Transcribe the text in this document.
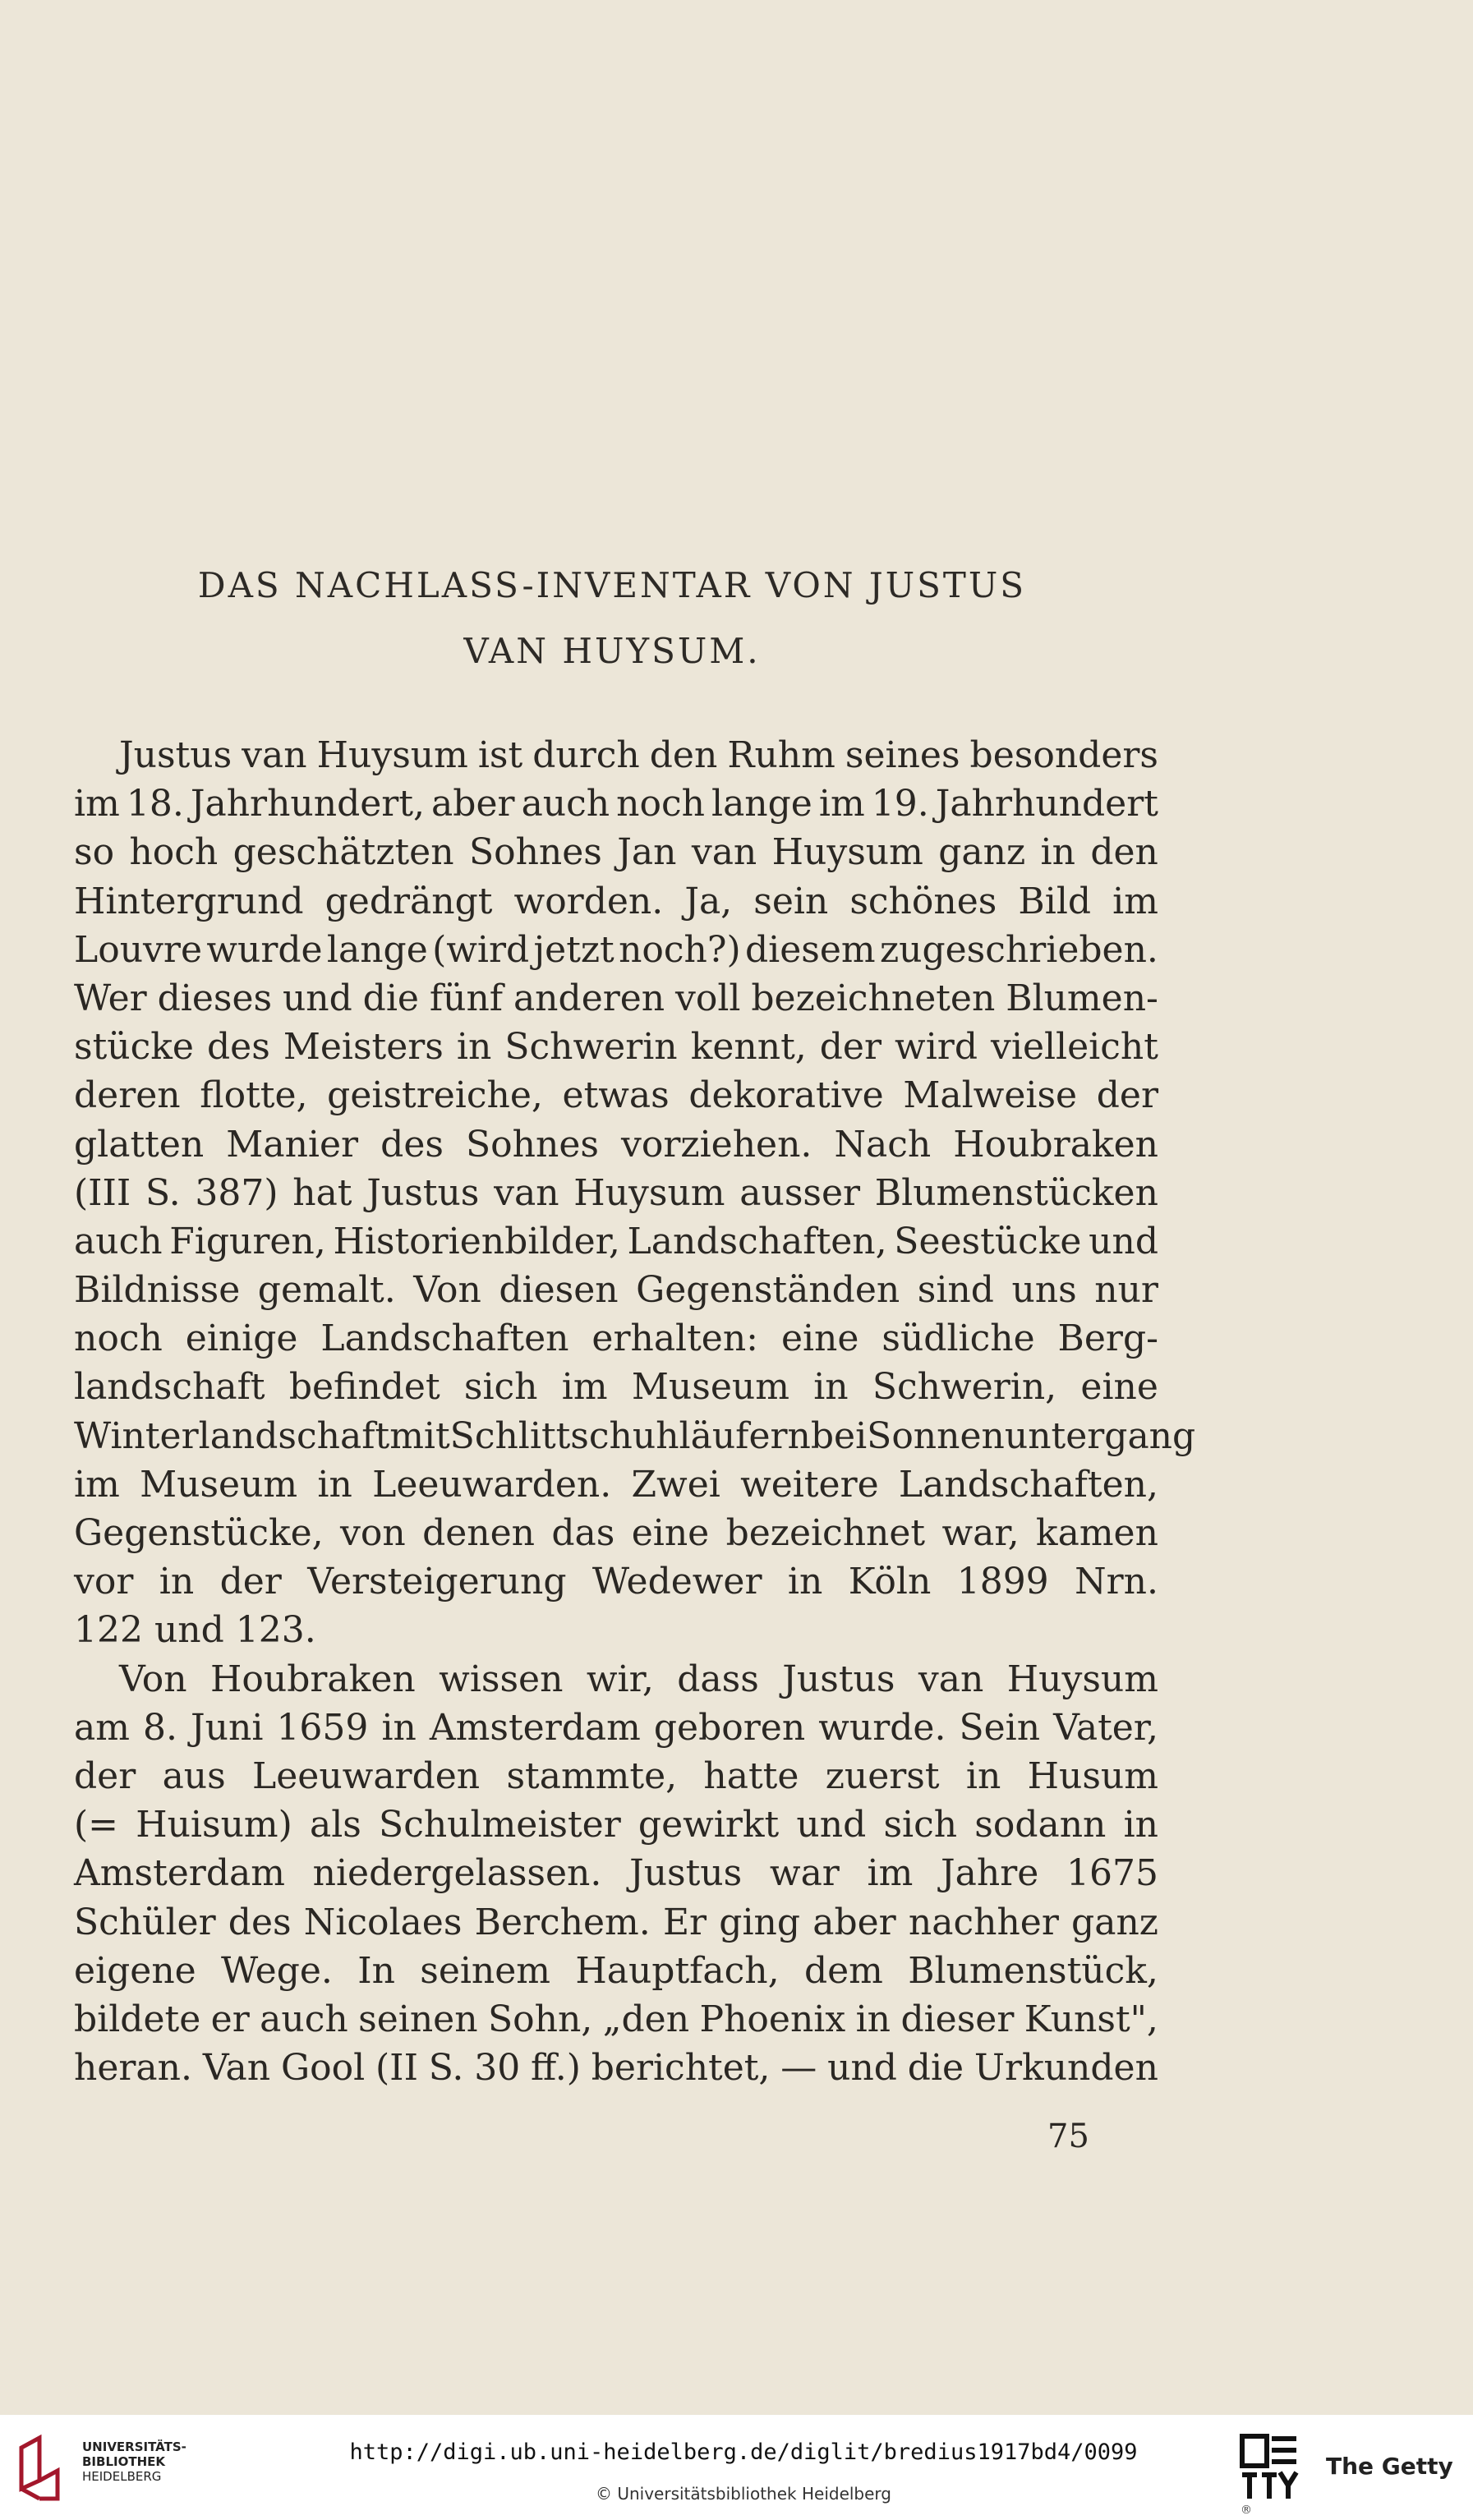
DAS NACHLASS-INVENTAR VON JUSTUS
VAN HUYSUM.
Justus van Huysum ist durch den Ruhm seines besonders
im 18. Jahrhundert, aber auch noch lange im 19. Jahrhundert
so hoch geschätzten Sohnes Jan van Huysum ganz in den
Hintergrund gedrängt worden. Ja, sein schönes Bild im
Louvre wurde lange (wird jetzt noch?) diesem zugeschrieben.
Wer dieses und die fünf anderen voll bezeichneten Blumen-
stücke des Meisters in Schwerin kennt, der wird vielleicht
deren flotte, geistreiche, etwas dekorative Malweise der
glatten Manier des Sohnes vorziehen. Nach Houbraken
(III S. 387) hat Justus van Huysum ausser Blumenstücken
auch Figuren, Historienbilder, Landschaften, Seestücke und
Bildnisse gemalt. Von diesen Gegenständen sind uns nur
noch einige Landschaften erhalten: eine südliche Berg-
landschaft befindet sich im Museum in Schwerin, eine
Winterlandschaft mit Schlittschuhläufern bei Sonnenuntergang
im Museum in Leeuwarden. Zwei weitere Landschaften,
Gegenstücke, von denen das eine bezeichnet war, kamen
vor in der Versteigerung Wedewer in Köln 1899 Nrn.
122 und 123.
Von Houbraken wissen wir, dass Justus van Huysum
am 8. Juni 1659 in Amsterdam geboren wurde. Sein Vater,
der aus Leeuwarden stammte, hatte zuerst in Husum
(= Huisum) als Schulmeister gewirkt und sich sodann in
Amsterdam niedergelassen. Justus war im Jahre 1675
Schüler des Nicolaes Berchem. Er ging aber nachher ganz
eigene Wege. In seinem Hauptfach, dem Blumenstück,
bildete er auch seinen Sohn, „den Phoenix in dieser Kunst",
heran. Van Gool (II S. 30 ff.) berichtet, — und die Urkunden
75
UNIVERSITÄTS-
BIBLIOTHEK
HEIDELBERG
http://digi.ub.uni-heidelberg.de/diglit/bredius1917bd4/0099
© Universitätsbibliothek Heidelberg
®
The Getty
